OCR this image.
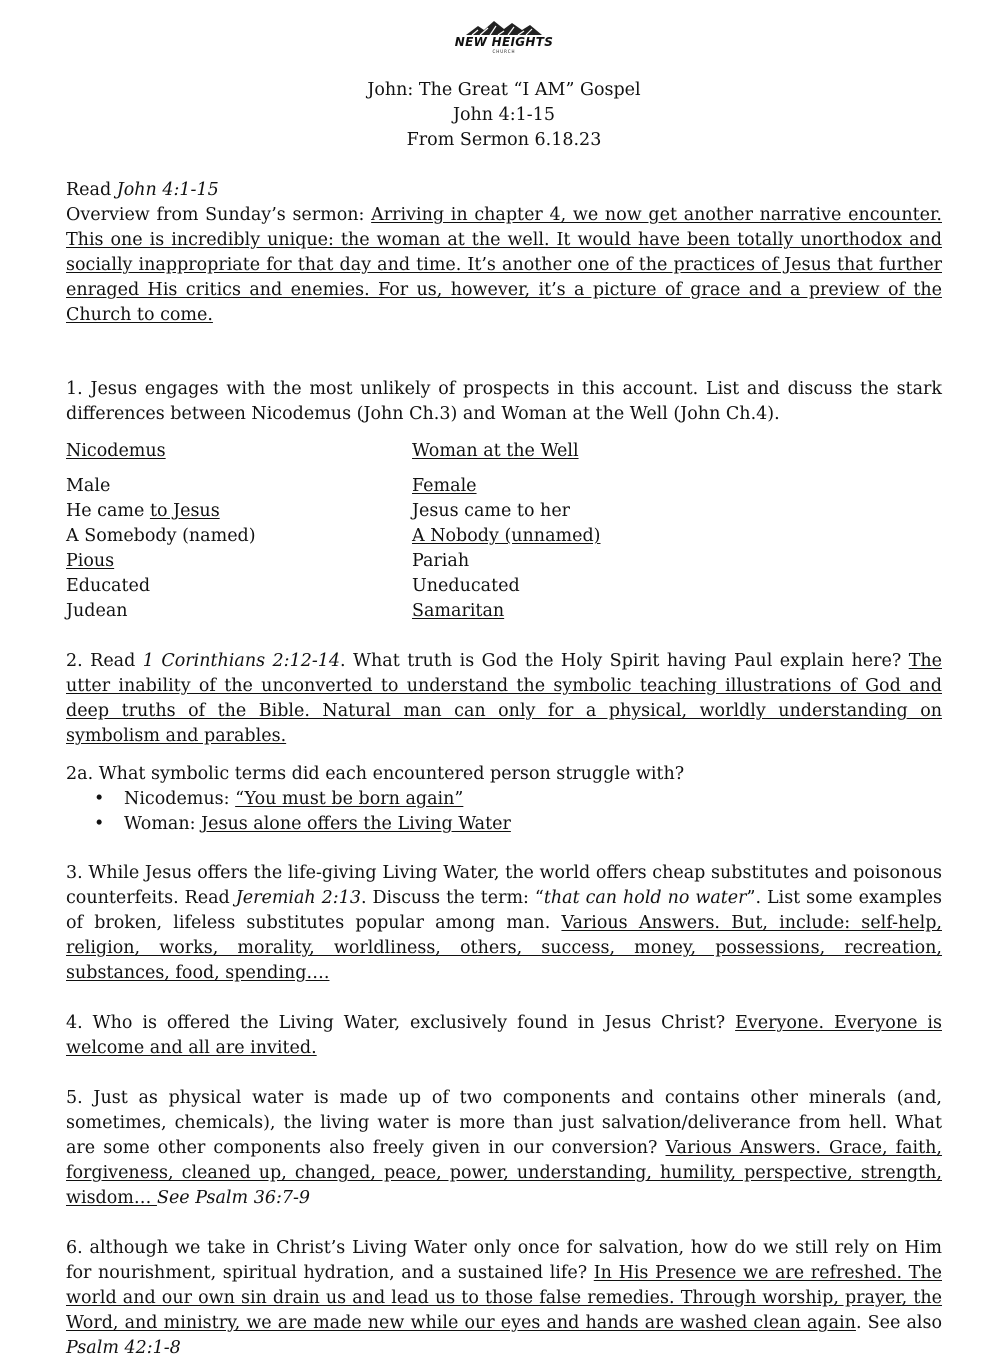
NEW HEIGHTS
CHURCH
John: The Great “I AM” Gospel
John 4:1-15
From Sermon 6.18.23

Read John 4:1-15

Overview from Sunday’s sermon: Arriving in chapter 4, we now get another narrative encounter. This one is incredibly unique: the woman at the well. It would have been totally unorthodox and socially inappropriate for that day and time. It’s another one of the practices of Jesus that further enraged His critics and enemies. For us, however, it’s a picture of grace and a preview of the Church to come.

1. Jesus engages with the most unlikely of prospects in this account. List and discuss the stark differences between Nicodemus (John Ch.3) and Woman at the Well (John Ch.4).

Nicodemus	Woman at the Well
Male	Female
He came to Jesus	Jesus came to her
A Somebody (named)	A Nobody (unnamed)
Pious	Pariah
Educated	Uneducated
Judean	Samaritan

2. Read 1 Corinthians 2:12-14. What truth is God the Holy Spirit having Paul explain here? The utter inability of the unconverted to understand the symbolic teaching illustrations of God and deep truths of the Bible. Natural man can only for a physical, worldly understanding on symbolism and parables.

2a. What symbolic terms did each encountered person struggle with?

• Nicodemus: “You must be born again”
• Woman: Jesus alone offers the Living Water

3. While Jesus offers the life-giving Living Water, the world offers cheap substitutes and poisonous counterfeits. Read Jeremiah 2:13. Discuss the term: “that can hold no water”. List some examples of broken, lifeless substitutes popular among man. Various Answers. But, include: self-help, religion, works, morality, worldliness, others, success, money, possessions, recreation, substances, food, spending….

4. Who is offered the Living Water, exclusively found in Jesus Christ? Everyone. Everyone is welcome and all are invited.

5. Just as physical water is made up of two components and contains other minerals (and, sometimes, chemicals), the living water is more than just salvation/deliverance from hell. What are some other components also freely given in our conversion? Various Answers. Grace, faith, forgiveness, cleaned up, changed, peace, power, understanding, humility, perspective, strength, wisdom… See Psalm 36:7-9

6. although we take in Christ’s Living Water only once for salvation, how do we still rely on Him for nourishment, spiritual hydration, and a sustained life? In His Presence we are refreshed. The world and our own sin drain us and lead us to those false remedies. Through worship, prayer, the Word, and ministry, we are made new while our eyes and hands are washed clean again. See also Psalm 42:1-8
